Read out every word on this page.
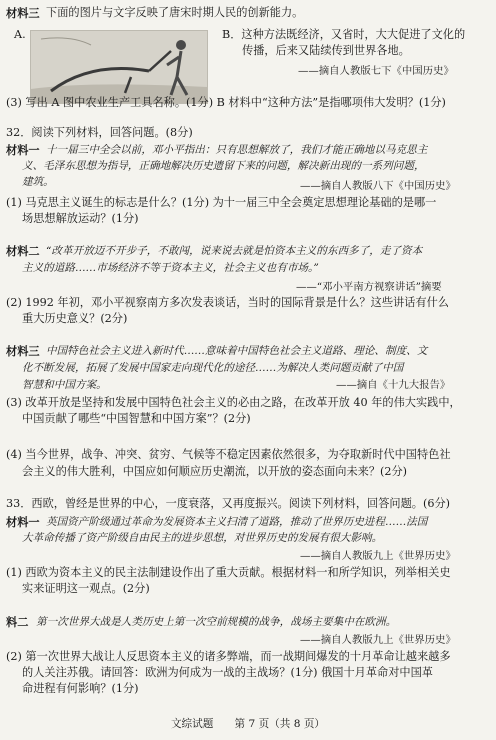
材料三 下面的图片与文字反映了唐宋时期人民的创新能力。
A.	B．这种方法既经济，又省时，大大促进了文化的
传播，后来又陆续传到世界各地。
——摘自人教版七下《中国历史》
(3) 写出 A 图中农业生产工具名称。(1分) B 材料中“这种方法”是指哪项伟大发明？(1分)
32．阅读下列材料，回答问题。(8分)
材料一 十一届三中全会以前，邓小平指出：只有思想解放了，我们才能正确地以马克思主
义、毛泽东思想为指导，正确地解决历史遗留下来的问题，解决新出现的一系列问题，
建筑。	——摘自人教版八下《中国历史》
(1) 马克思主义诞生的标志是什么？(1分) 为十一届三中全会奠定思想理论基础的是哪一
场思想解放运动？(1分)
材料二 “改革开放迈不开步子，不敢闯，说来说去就是怕资本主义的东西多了，走了资本
主义的道路……市场经济不等于资本主义，社会主义也有市场。”
——“邓小平南方视察讲话”摘要
(2) 1992 年初，邓小平视察南方多次发表谈话，当时的国际背景是什么？这些讲话有什么
重大历史意义？(2分)
材料三 中国特色社会主义进入新时代……意味着中国特色社会主义道路、理论、制度、文
化不断发展，拓展了发展中国家走向现代化的途径……为解决人类问题贡献了中国
智慧和中国方案。	——摘自《十九大报告》
(3) 改革开放是坚持和发展中国特色社会主义的必由之路，在改革开放 40 年的伟大实践中，
中国贡献了哪些“中国智慧和中国方案”？(2分)
(4) 当今世界，战争、冲突、贫穷、气候等不稳定因素依然很多，为夺取新时代中国特色社
会主义的伟大胜利，中国应如何顺应历史潮流，以开放的姿态面向未来？(2分)
33．西欧，曾经是世界的中心，一度衰落，又再度振兴。阅读下列材料，回答问题。(6分)
材料一 英国资产阶级通过革命为发展资本主义扫清了道路，推动了世界历史进程……法国
大革命传播了资产阶级自由民主的进步思想，对世界历史的发展有很大影响。
——摘自人教版九上《世界历史》
(1) 西欧为资本主义的民主法制建设作出了重大贡献。根据材料一和所学知识，列举相关史
实来证明这一观点。(2分)
料二 第一次世界大战是人类历史上第一次空前规模的战争，战场主要集中在欧洲。
——摘自人教版九上《世界历史》
(2) 第一次世界大战让人反思资本主义的诸多弊端，而一战期间爆发的十月革命让越来越多
的人关注苏俄。请回答：欧洲为何成为一战的主战场？(1分) 俄国十月革命对中国革
命进程有何影响？(1分)
文综试题　　第 7 页（共 8 页）
